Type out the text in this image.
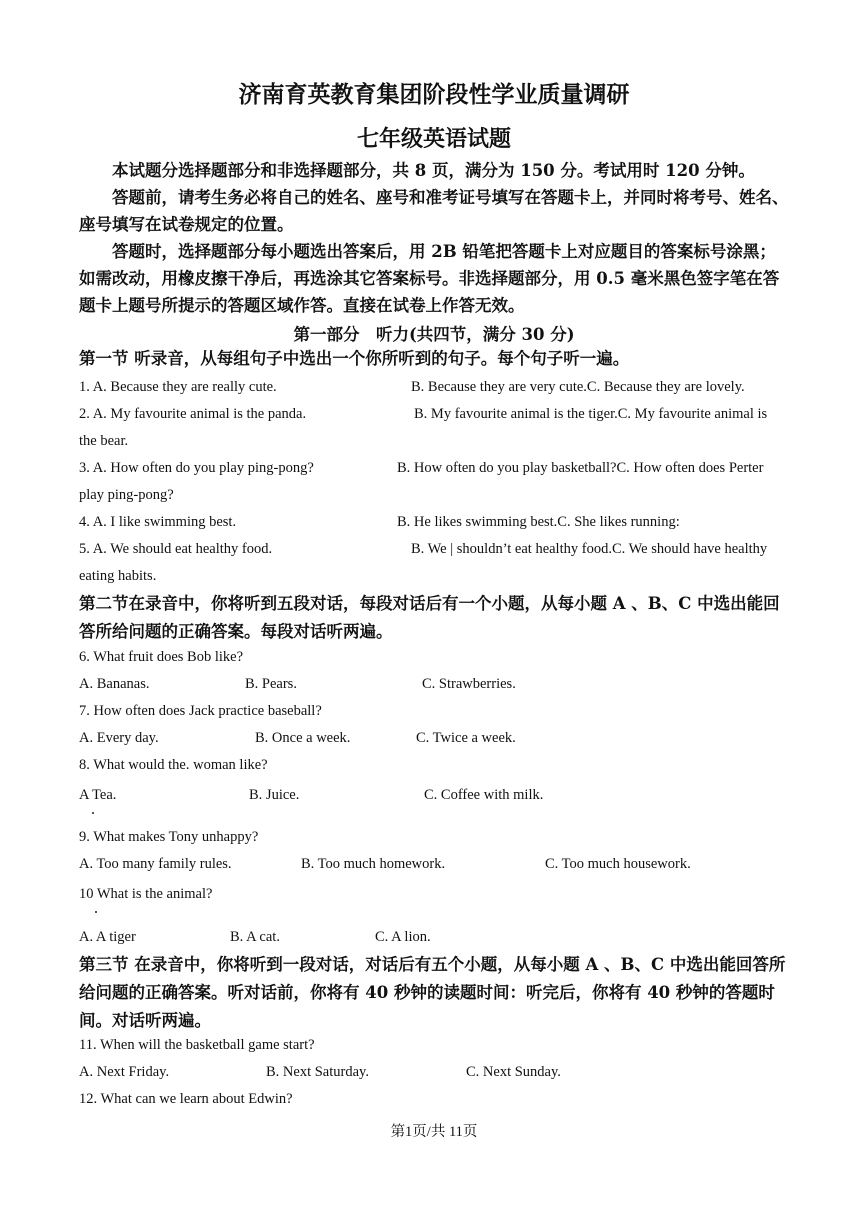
济南育英教育集团阶段性学业质量调研
七年级英语试题

本试题分选择题部分和非选择题部分，共 8 页，满分为 150 分。考试用时 120 分钟。

答题前，请考生务必将自己的姓名、座号和准考证号填写在答题卡上，并同时将考号、姓名、座号填写在试卷规定的位置。

答题时，选择题部分每小题选出答案后，用 2B 铅笔把答题卡上对应题目的答案标号涂黑；如需改动，用橡皮擦干净后，再选涂其它答案标号。非选择题部分，用 0.5 毫米黑色签字笔在答题卡上题号所提示的答题区域作答。直接在试卷上作答无效。

第一部分　听力(共四节，满分 30 分)
第一节 听录音，从每组句子中选出一个你所听到的句子。每个句子听一遍。
1. A. Because they are really cute.	B. Because they are very cute.C. Because they are lovely.
2. A. My favourite animal is the panda.	B. My favourite animal is the tiger.C. My favourite animal is
the bear.
3. A. How often do you play ping-pong?	B. How often do you play basketball?C. How often does Perter
play ping-pong?
4. A. I like swimming best.	B. He likes swimming best.C. She likes running:
5. A. We should eat healthy food.	B. We | shouldn’t eat healthy food.C. We should have healthy
eating habits.
第二节在录音中，你将听到五段对话，每段对话后有一个小题，从每小题 A 、B、C 中选出能回答所给问题的正确答案。每段对话听两遍。
6. What fruit does Bob like?
A. Bananas.	B. Pears.	C. Strawberries.
7. How often does Jack practice baseball?
A. Every day.	B. Once a week.	C. Twice a week.
8. What would the. woman like?
A Tea.	B. Juice.	C. Coffee with milk.
9. What makes Tony unhappy?
A. Too many family rules.	B. Too much homework.	C. Too much housework.
10 What is the animal?
A. A tiger	B. A cat.	C. A lion.
第三节 在录音中，你将听到一段对话，对话后有五个小题，从每小题 A 、B、C 中选出能回答所给问题的正确答案。听对话前，你将有 40 秒钟的读题时间：听完后，你将有 40 秒钟的答题时间。对话听两遍。
11. When will the basketball game start?
A. Next Friday.	B. Next Saturday.	C. Next Sunday.
12. What can we learn about Edwin?
第1页/共 11页
